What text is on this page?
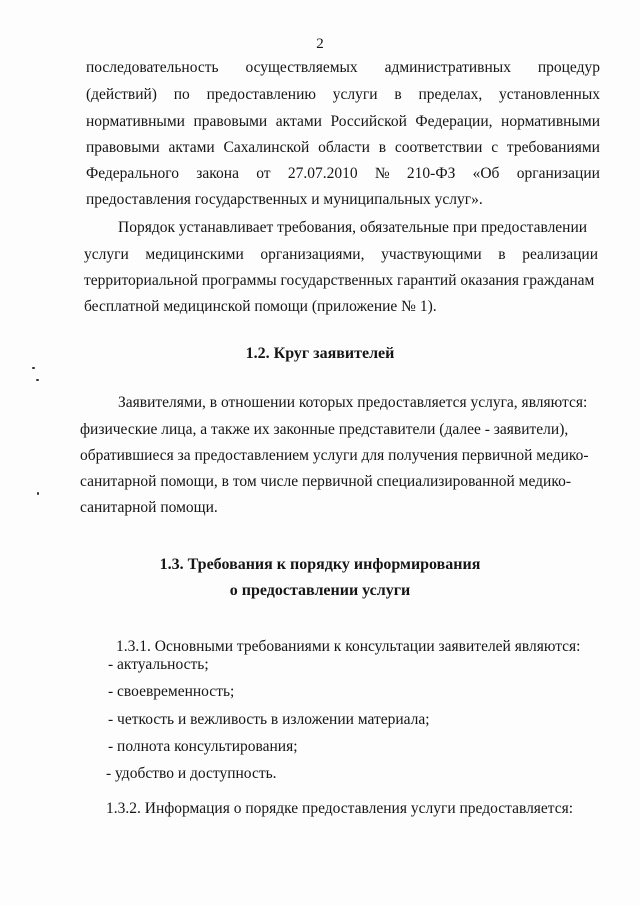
2
последовательность осуществляемых административных процедур
(действий) по предоставлению услуги в пределах, установленных
нормативными правовыми актами Российской Федерации, нормативными
правовыми актами Сахалинской области в соответствии с требованиями
Федерального закона от 27.07.2010 № 210-ФЗ «Об организации
предоставления государственных и муниципальных услуг».
Порядок устанавливает требования, обязательные при предоставлении
услуги медицинскими организациями, участвующими в реализации
территориальной программы государственных гарантий оказания гражданам
бесплатной медицинской помощи (приложение № 1).
1.2. Круг заявителей
Заявителями, в отношении которых предоставляется услуга, являются:
физические лица, а также их законные представители (далее - заявители),
обратившиеся за предоставлением услуги для получения первичной медико-
санитарной помощи, в том числе первичной специализированной медико-
санитарной помощи.
1.3. Требования к порядку информирования
о предоставлении услуги
1.3.1. Основными требованиями к консультации заявителей являются:
- актуальность;
- своевременность;
- четкость и вежливость в изложении материала;
- полнота консультирования;
- удобство и доступность.
1.3.2. Информация о порядке предоставления услуги предоставляется:
